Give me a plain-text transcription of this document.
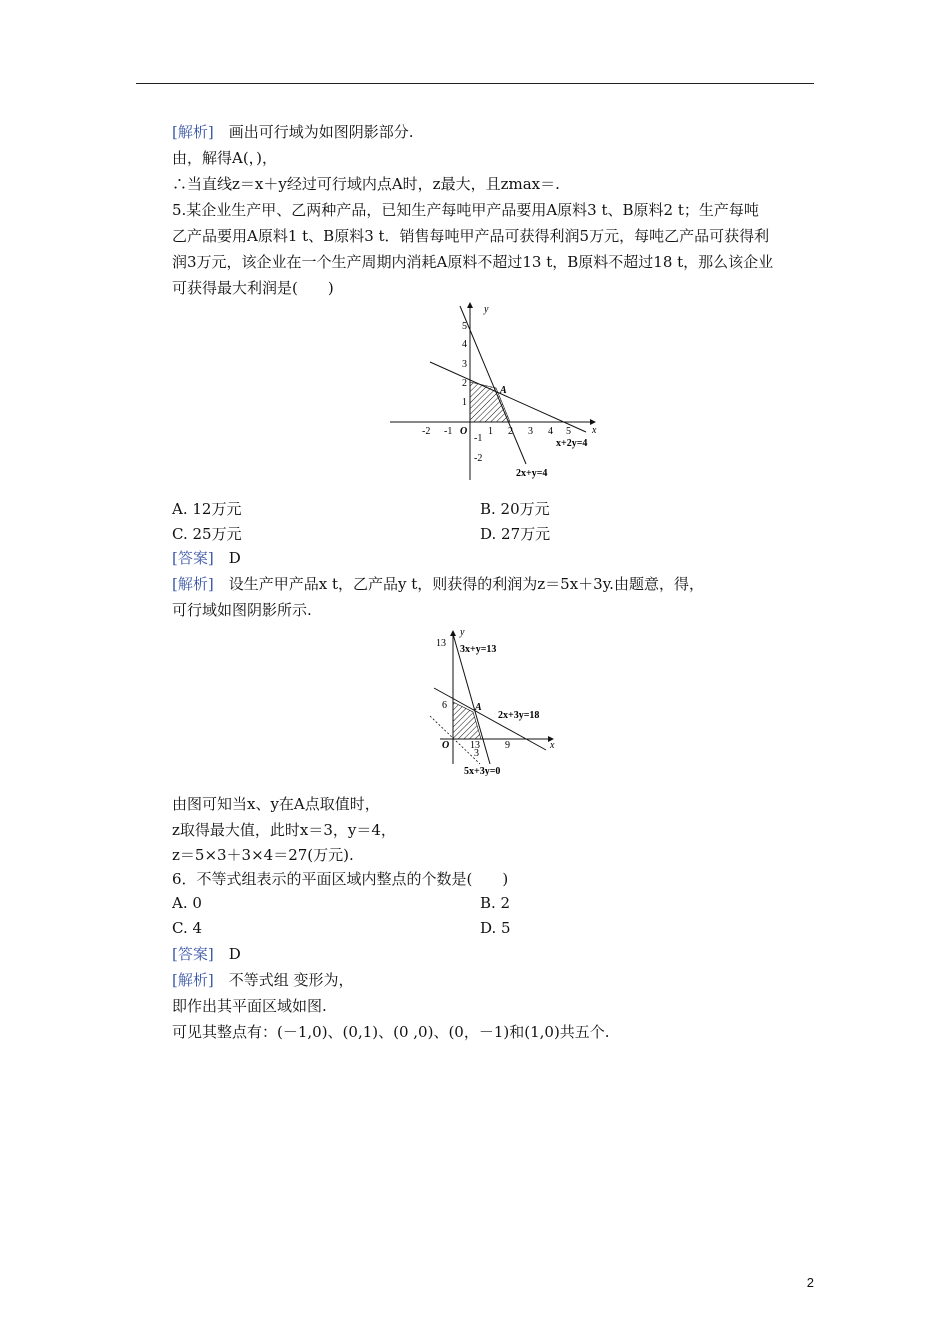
[解析]　画出可行域为如图阴影部分.
由，解得A(，)，
∴当直线z＝x＋y经过可行域内点A时，z最大，且zmax＝.
5.某企业生产甲、乙两种产品，已知生产每吨甲产品要用A原料3 t、B原料2 t；生产每吨
乙产品要用A原料1 t、B原料3 t．销售每吨甲产品可获得利润5万元，每吨乙产品可获得利
润3万元，该企业在一个生产周期内消耗A原料不超过13 t，B原料不超过18 t，那么该企业
可获得最大利润是(　　)
y
x
5
4
3
2
1
-1
-2
-2 -1 O 1 2 3 4 5
A
x+2y=4
2x+y=4
A. 12万元	B. 20万元
C. 25万元	D. 27万元
[答案]　D
[解析]　设生产甲产品x t，乙产品y t，则获得的利润为z＝5x＋3y.由题意，得，
可行域如图阴影所示.
y
x
13
3x+y=13
6	A
2x+3y=18
O 13
3
9
5x+3y=0
由图可知当x、y在A点取值时，
z取得最大值，此时x＝3，y＝4，
z＝5×3＋3×4＝27(万元).
6．不等式组表示的平面区域内整点的个数是(　　)
A. 0	B. 2
C. 4	D. 5
[答案]　D
[解析]　不等式组 变形为，
即作出其平面区域如图.
可见其整点有：(－1,0)、(0,1)、(0 ,0)、(0，－1)和(1,0)共五个.
2
